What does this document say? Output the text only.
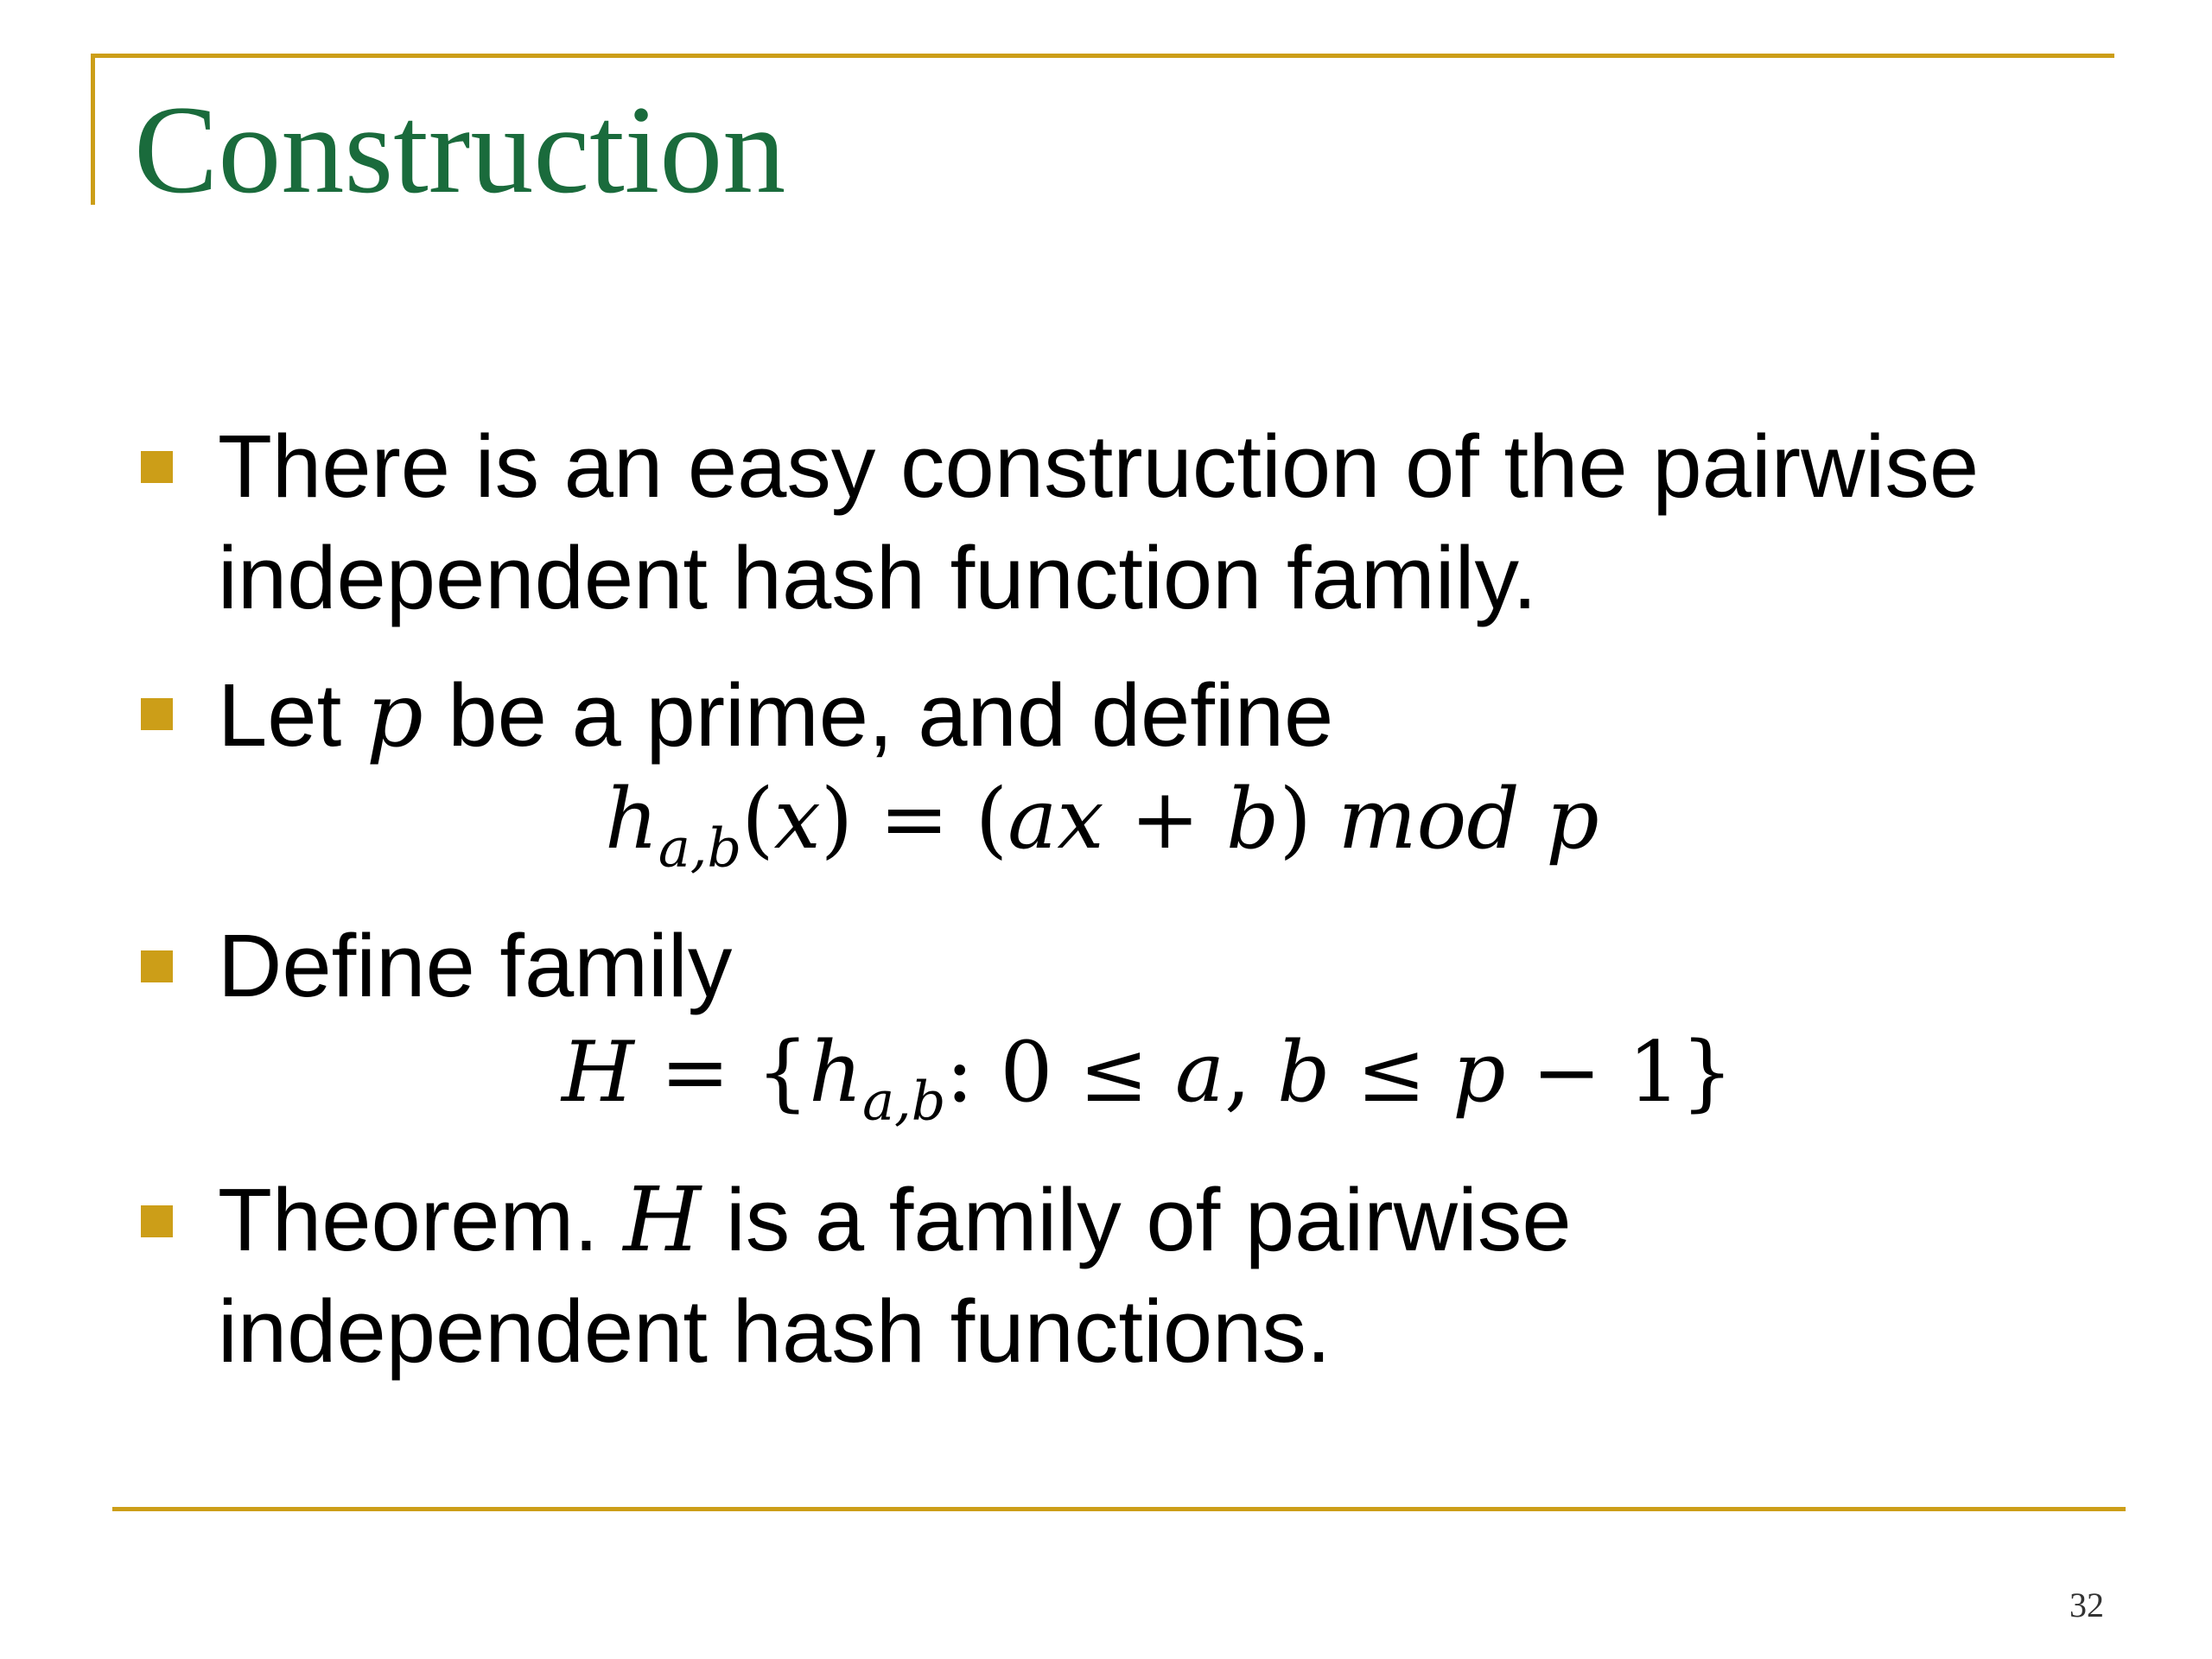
Construction
There is an easy construction of the pairwise
independent hash function family.
Let p be a prime, and define
$h_{a,b}(x) = (ax + b)$ mod p
Define family
$H = \{h_{a,b}$: 0 ≤ a, b ≤ p − 1}
Theorem. H is a family of pairwise
independent hash functions.
32
